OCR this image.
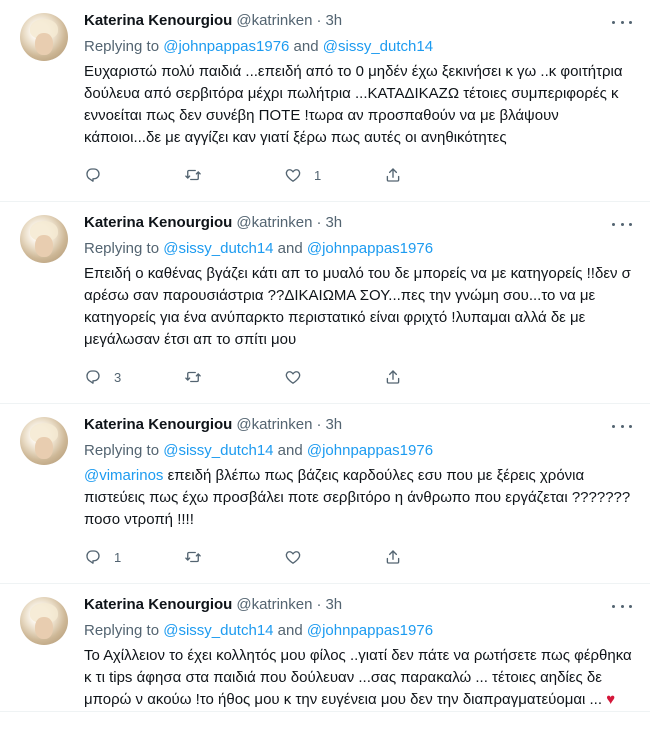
Katerina Kenourgiou @katrinken · 3h
Replying to @johnpappas1976 and @sissy_dutch14
Ευχαριστώ πολύ παιδιά ...επειδή από το 0 μηδέν έχω ξεκινήσει κ γω ..κ φοιτήτρια δούλευα από σερβιτόρα μέχρι πωλήτρια ...ΚΑΤΑΔΙΚΑΖΩ τέτοιες συμπεριφορές κ εννοείται πως δεν συνέβη ΠΟΤΕ !τωρα αν προσπαθούν να με βλάψουν κάποιοι...δε με αγγίζει καν γιατί ξέρω πως αυτές οι ανηθικότητες
1
Katerina Kenourgiou @katrinken · 3h
Replying to @sissy_dutch14 and @johnpappas1976
Επειδή ο καθένας βγάζει κάτι απ το μυαλό του δε μπορείς να με κατηγορείς !!δεν σ αρέσω σαν παρουσιάστρια ??ΔΙΚΑΙΩΜΑ ΣΟΥ...πες την γνώμη σου...το να με κατηγορείς για ένα ανύπαρκτο περιστατικό είναι φριχτό !λυπαμαι αλλά δε με μεγάλωσαν έτσι απ το σπίτι μου
3
Katerina Kenourgiou @katrinken · 3h
Replying to @sissy_dutch14 and @johnpappas1976
@vimarinos επειδή βλέπω πως βάζεις καρδούλες εσυ που με ξέρεις χρόνια πιστεύεις πως έχω προσβάλει ποτε σερβιτόρο η άνθρωπο που εργάζεται ???????ποσο ντροπή !!!!
1
Katerina Kenourgiou @katrinken · 3h
Replying to @sissy_dutch14 and @johnpappas1976
Το Αχίλλειον το έχει κολλητός μου φίλος ..γιατί δεν πάτε να ρωτήσετε πως φέρθηκα κ τι tips άφησα στα παιδιά που δούλευαν ...σας παρακαλώ ... τέτοιες αηδίες δε μπορώ ν ακούω !το ήθος μου κ την ευγένεια μου δεν την διαπραγματεύομαι ... ♥
